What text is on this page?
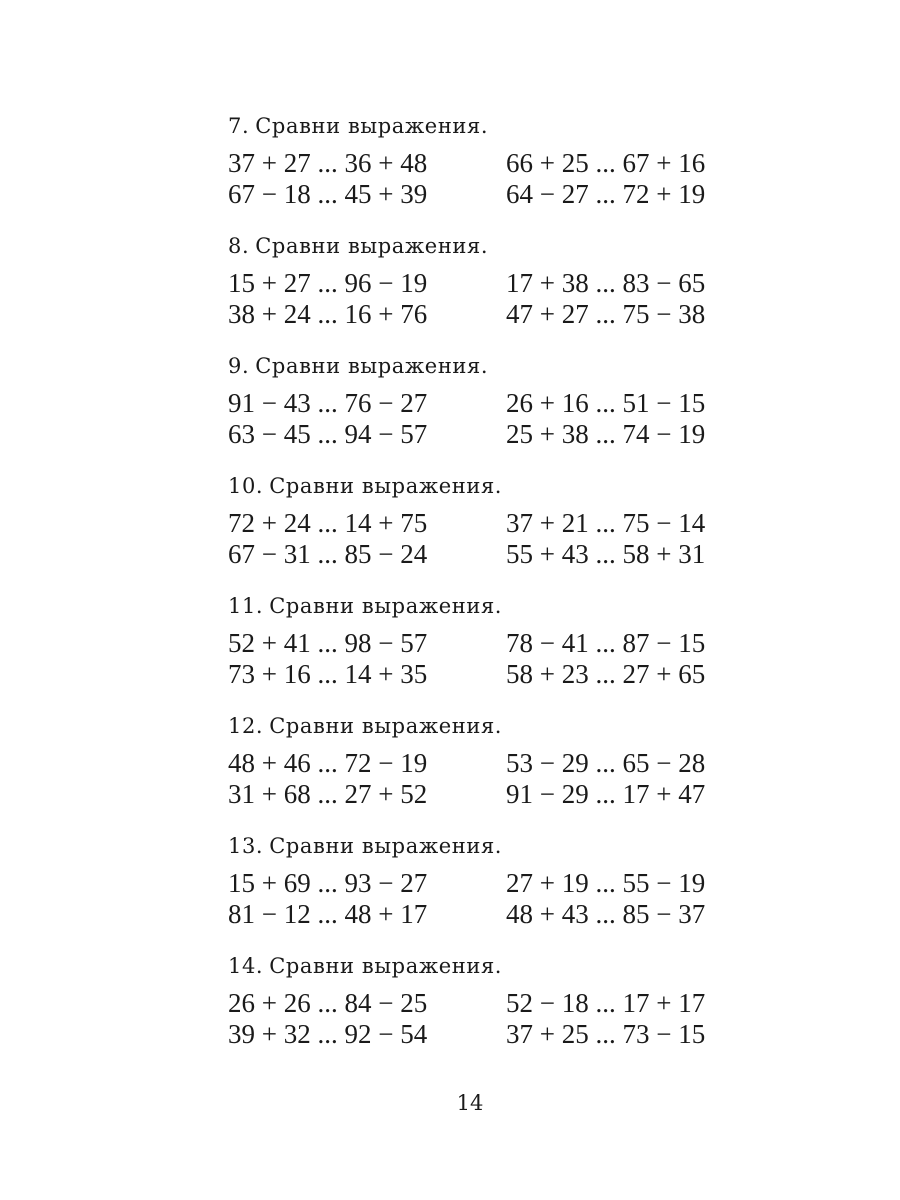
7. Сравни выражения.
37 + 27 ... 36 + 48	66 + 25 ... 67 + 16
67 − 18 ... 45 + 39	64 − 27 ... 72 + 19
8. Сравни выражения.
15 + 27 ... 96 − 19	17 + 38 ... 83 − 65
38 + 24 ... 16 + 76	47 + 27 ... 75 − 38
9. Сравни выражения.
91 − 43 ... 76 − 27	26 + 16 ... 51 − 15
63 − 45 ... 94 − 57	25 + 38 ... 74 − 19
10. Сравни выражения.
72 + 24 ... 14 + 75	37 + 21 ... 75 − 14
67 − 31 ... 85 − 24	55 + 43 ... 58 + 31
11. Сравни выражения.
52 + 41 ... 98 − 57	78 − 41 ... 87 − 15
73 + 16 ... 14 + 35	58 + 23 ... 27 + 65
12. Сравни выражения.
48 + 46 ... 72 − 19	53 − 29 ... 65 − 28
31 + 68 ... 27 + 52	91 − 29 ... 17 + 47
13. Сравни выражения.
15 + 69 ... 93 − 27	27 + 19 ... 55 − 19
81 − 12 ... 48 + 17	48 + 43 ... 85 − 37
14. Сравни выражения.
26 + 26 ... 84 − 25	52 − 18 ... 17 + 17
39 + 32 ... 92 − 54	37 + 25 ... 73 − 15
14
